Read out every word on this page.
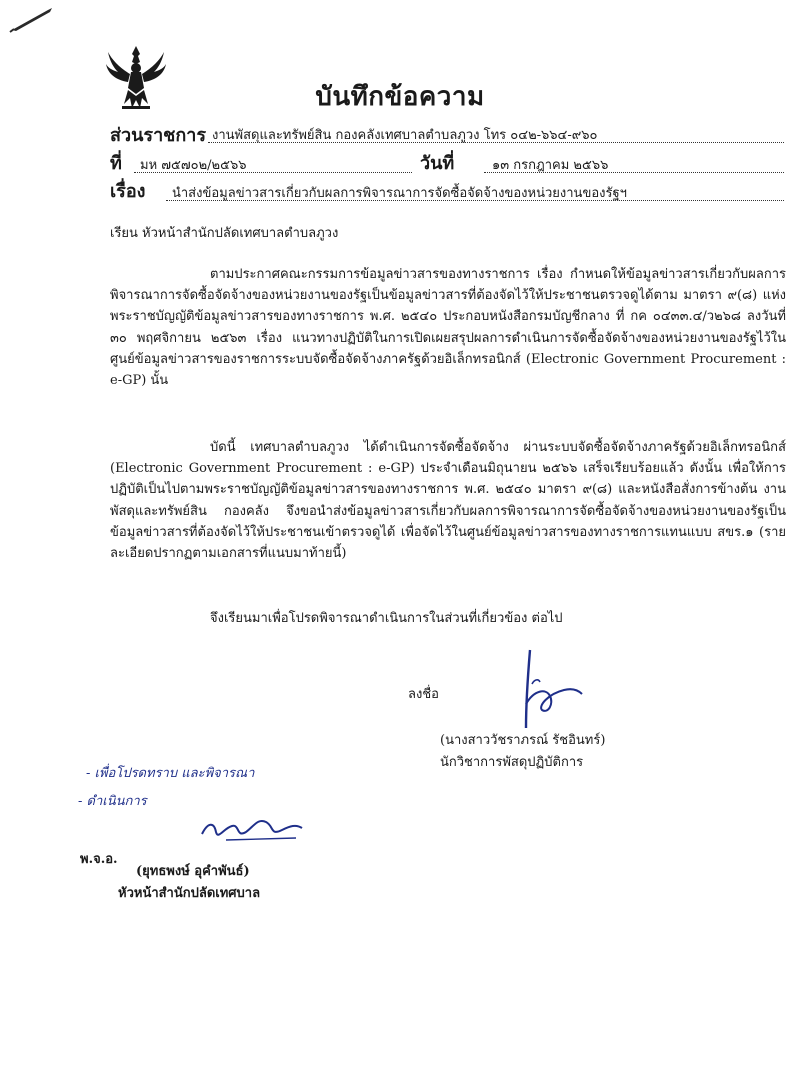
บันทึกข้อความ
ส่วนราชการ งานพัสดุและทรัพย์สิน กองคลังเทศบาลตำบลภูวง โทร ๐๔๒-๖๖๔-๙๖๐
ที่ มห ๗๕๗๐๒/๒๕๖๖	วันที่	๑๓ กรกฎาคม ๒๕๖๖
เรื่อง นำส่งข้อมูลข่าวสารเกี่ยวกับผลการพิจารณาการจัดซื้อจัดจ้างของหน่วยงานของรัฐฯ
เรียน หัวหน้าสำนักปลัดเทศบาลตำบลภูวง

ตามประกาศคณะกรรมการข้อมูลข่าวสารของทางราชการ เรื่อง กำหนดให้ข้อมูลข่าวสารเกี่ยวกับผลการพิจารณาการจัดซื้อจัดจ้างของหน่วยงานของรัฐเป็นข้อมูลข่าวสารที่ต้องจัดไว้ให้ประชาชนตรวจดูได้ตาม มาตรา ๙(๘) แห่ง พระราชบัญญัติข้อมูลข่าวสารของทางราชการ พ.ศ. ๒๕๔๐ ประกอบหนังสือกรมบัญชีกลาง ที่ กค ๐๔๓๓.๔/ว๒๖๘ ลงวันที่ ๓๐ พฤศจิกายน ๒๕๖๓ เรื่อง แนวทางปฏิบัติในการเปิดเผยสรุปผลการดำเนินการจัดซื้อจัดจ้างของหน่วยงานของรัฐไว้ในศูนย์ข้อมูลข่าวสารของราชการระบบจัดซื้อจัดจ้างภาครัฐด้วยอิเล็กทรอนิกส์ (Electronic Government Procurement : e-GP) นั้น

บัดนี้ เทศบาลตำบลภูวง ได้ดำเนินการจัดซื้อจัดจ้าง ผ่านระบบจัดซื้อจัดจ้างภาครัฐด้วยอิเล็กทรอนิกส์ (Electronic Government Procurement : e-GP) ประจำเดือนมิถุนายน ๒๕๖๖ เสร็จเรียบร้อยแล้ว ดังนั้น เพื่อให้การปฏิบัติเป็นไปตามพระราชบัญญัติข้อมูลข่าวสารของทางราชการ พ.ศ. ๒๕๔๐ มาตรา ๙(๘) และหนังสือสั่งการข้างต้น งานพัสดุและทรัพย์สิน กองคลัง จึงขอนำส่งข้อมูลข่าวสารเกี่ยวกับผลการพิจารณาการจัดซื้อจัดจ้างของหน่วยงานของรัฐเป็นข้อมูลข่าวสารที่ต้องจัดไว้ให้ประชาชนเข้าตรวจดูได้ เพื่อจัดไว้ในศูนย์ข้อมูลข่าวสารของทางราชการแทนแบบ สขร.๑ (รายละเอียดปรากฏตามเอกสารที่แนบมาท้ายนี้)

จึงเรียนมาเพื่อโปรดพิจารณาดำเนินการในส่วนที่เกี่ยวข้อง ต่อไป
ลงชื่อ
(นางสาววัชราภรณ์ รัชอินทร์)
นักวิชาการพัสดุปฏิบัติการ
- เพื่อโปรดทราบ และพิจารณา
- ดำเนินการ
พ.จ.อ.
(ยุทธพงษ์ อุคำพันธ์)
หัวหน้าสำนักปลัดเทศบาล
